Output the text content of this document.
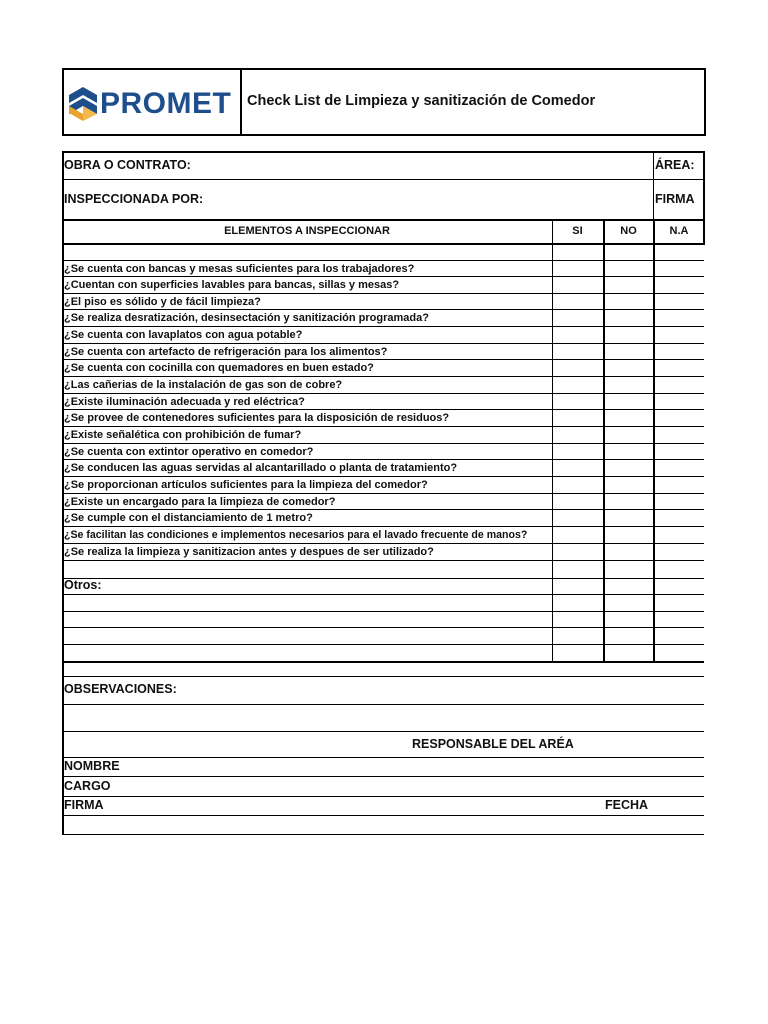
PROMET Check List de Limpieza y sanitización de Comedor
OBRA O CONTRATO:	ÁREA:
INSPECCIONADA POR:	FIRMA
ELEMENTOS A INSPECCIONAR	SI	NO	N.A
¿Se cuenta con bancas y mesas suficientes para los trabajadores?
¿Cuentan con superficies lavables para bancas, sillas y mesas?
¿El piso es sólido y de fácil limpieza?
¿Se realiza desratización, desinsectación y sanitización programada?
¿Se cuenta con lavaplatos con agua potable?
¿Se cuenta con artefacto de refrigeración para los alimentos?
¿Se cuenta con cocinilla con quemadores en buen estado?
¿Las cañerias de la instalación de gas son de cobre?
¿Existe iluminación adecuada y red eléctrica?
¿Se provee de contenedores suficientes para la disposición de residuos?
¿Existe señalética con prohibición de fumar?
¿Se cuenta con extintor operativo en comedor?
¿Se conducen las aguas servidas al alcantarillado o planta de tratamiento?
¿Se proporcionan artículos suficientes para la limpieza del comedor?
¿Existe un encargado para la limpieza de comedor?
¿Se cumple con el distanciamiento de 1 metro?
¿Se facilitan las condiciones e implementos necesarios para el lavado frecuente de manos?
¿Se realiza la limpieza y sanitizacion antes y despues de ser utilizado?
Otros:
OBSERVACIONES:
RESPONSABLE DEL ARÉA
NOMBRE
CARGO
FIRMA	FECHA
